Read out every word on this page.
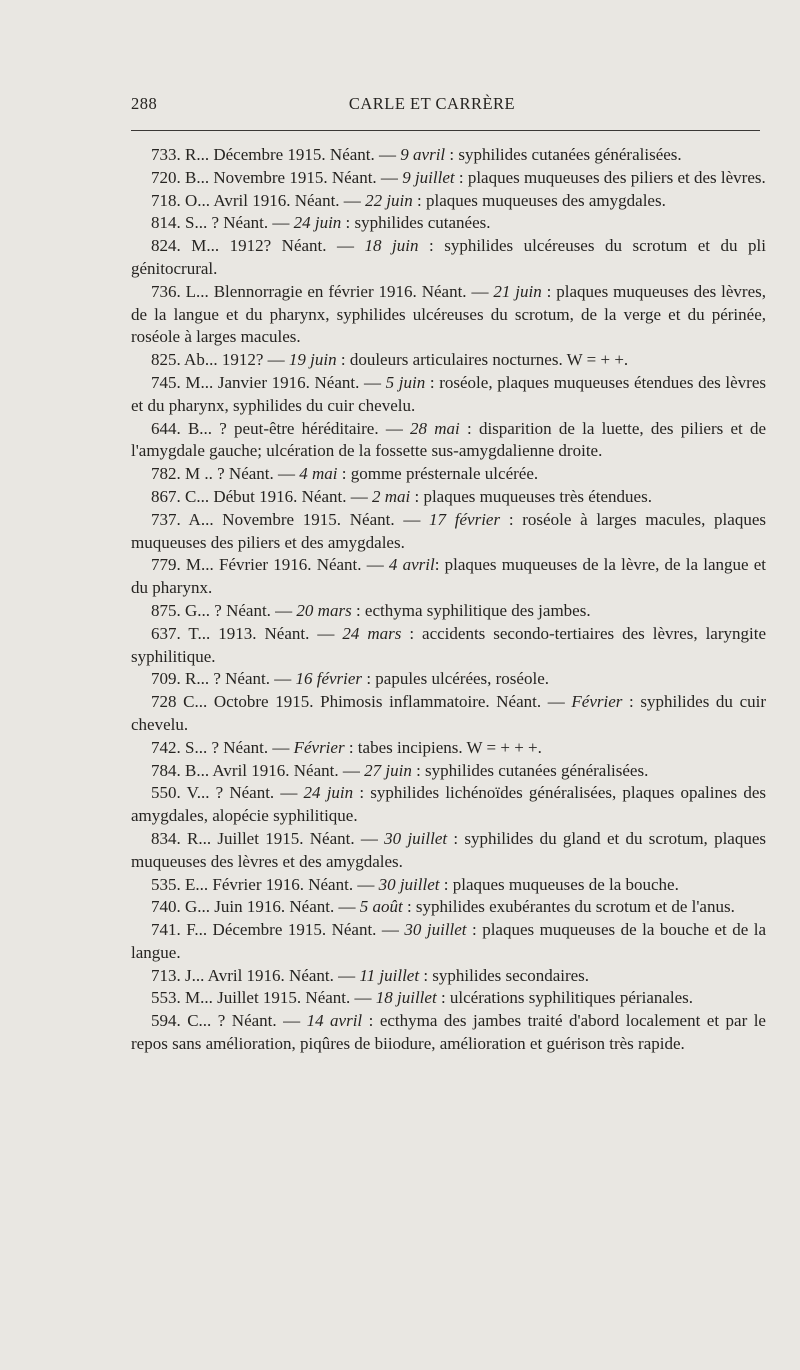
288	CARLE ET CARRÈRE

733. R... Décembre 1915. Néant. — 9 avril : syphilides cutanées généralisées.

720. B... Novembre 1915. Néant. — 9 juillet : plaques muqueuses des piliers et des lèvres.

718. O... Avril 1916. Néant. — 22 juin : plaques muqueuses des amygdales.

814. S... ? Néant. — 24 juin : syphilides cutanées.

824. M... 1912? Néant. — 18 juin : syphilides ulcéreuses du scrotum et du pli génitocrural.

736. L... Blennorragie en février 1916. Néant. — 21 juin : plaques muqueuses des lèvres, de la langue et du pharynx, syphilides ulcéreuses du scrotum, de la verge et du périnée, roséole à larges macules.

825. Ab... 1912? — 19 juin : douleurs articulaires nocturnes. W = + +.

745. M... Janvier 1916. Néant. — 5 juin : roséole, plaques muqueuses étendues des lèvres et du pharynx, syphilides du cuir chevelu.

644. B... ? peut-être héréditaire. — 28 mai : disparition de la luette, des piliers et de l'amygdale gauche; ulcération de la fossette sus-amygdalienne droite.

782. M .. ? Néant. — 4 mai : gomme présternale ulcérée.

867. C... Début 1916. Néant. — 2 mai : plaques muqueuses très étendues.

737. A... Novembre 1915. Néant. — 17 février : roséole à larges macules, plaques muqueuses des piliers et des amygdales.

779. M... Février 1916. Néant. — 4 avril: plaques muqueuses de la lèvre, de la langue et du pharynx.

875. G... ? Néant. — 20 mars : ecthyma syphilitique des jambes.

637. T... 1913. Néant. — 24 mars : accidents secondo-tertiaires des lèvres, laryngite syphilitique.

709. R... ? Néant. — 16 février : papules ulcérées, roséole.

728 C... Octobre 1915. Phimosis inflammatoire. Néant. — Février : syphilides du cuir chevelu.

742. S... ? Néant. — Février : tabes incipiens. W = + + +.

784. B... Avril 1916. Néant. — 27 juin : syphilides cutanées généralisées.

550. V... ? Néant. — 24 juin : syphilides lichénoïdes généralisées, plaques opalines des amygdales, alopécie syphilitique.

834. R... Juillet 1915. Néant. — 30 juillet : syphilides du gland et du scrotum, plaques muqueuses des lèvres et des amygdales.

535. E... Février 1916. Néant. — 30 juillet : plaques muqueuses de la bouche.

740. G... Juin 1916. Néant. — 5 août : syphilides exubérantes du scrotum et de l'anus.

741. F... Décembre 1915. Néant. — 30 juillet : plaques muqueuses de la bouche et de la langue.

713. J... Avril 1916. Néant. — 11 juillet : syphilides secondaires.

553. M... Juillet 1915. Néant. — 18 juillet : ulcérations syphilitiques périanales.

594. C... ? Néant. — 14 avril : ecthyma des jambes traité d'abord localement et par le repos sans amélioration, piqûres de biiodure, amélioration et guérison très rapide.
